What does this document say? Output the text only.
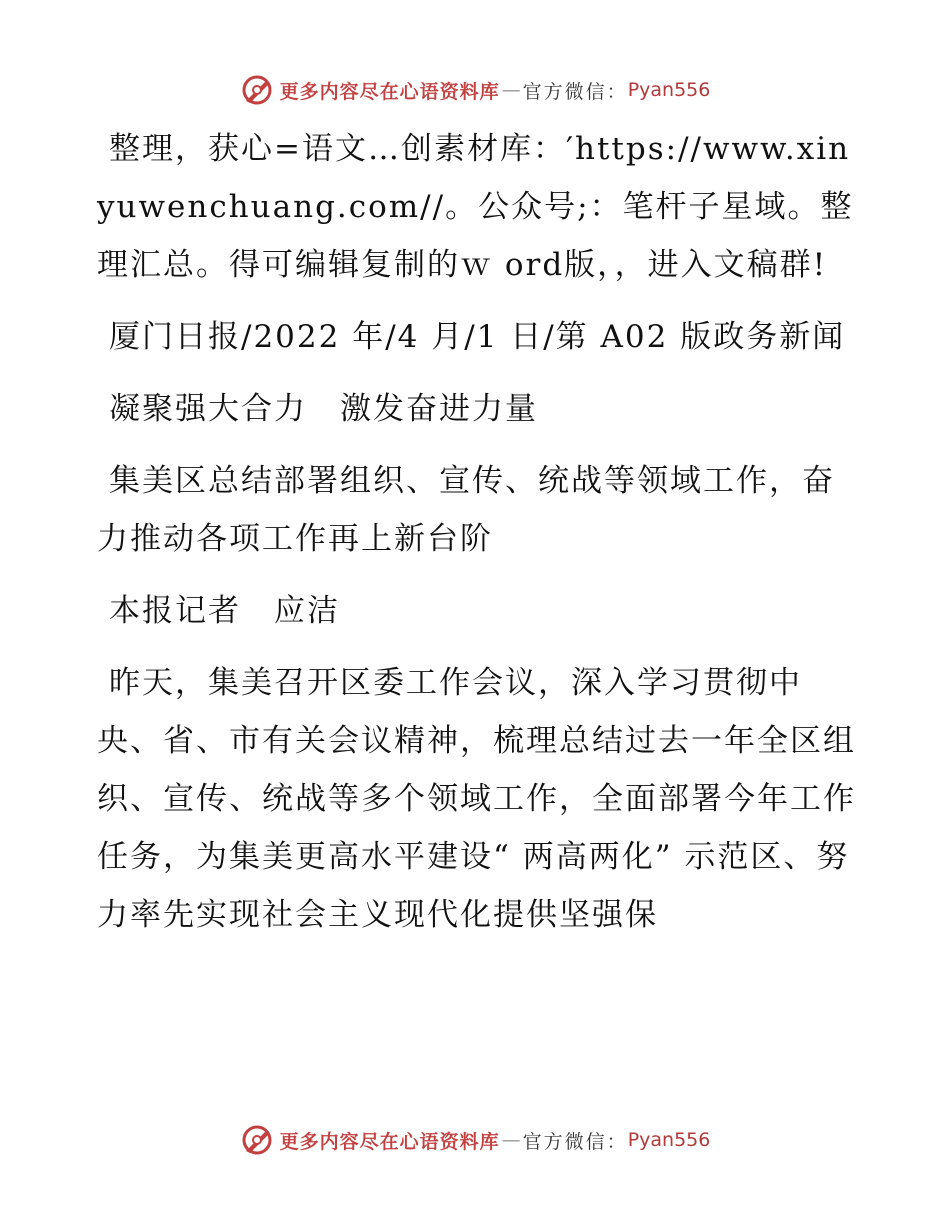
更多内容尽在心语资料库 — 官方微信： Pyan556

整理，获心=语文…创素材库：′https://www.xinyuwenchuang.com//。公众号;：笔杆子星域。整理汇总。得可编辑复制的ｗ ord版，，进入文稿群!

厦门日报/2022 年/4 月/1 日/第 A02 版政务新闻

凝聚强大合力　激发奋进力量

集美区总结部署组织、宣传、统战等领域工作，奋力推动各项工作再上新台阶

本报记者　应洁

昨天，集美召开区委工作会议，深入学习贯彻中央、省、市有关会议精神，梳理总结过去一年全区组织、宣传、统战等多个领域工作，全面部署今年工作任务，为集美更高水平建设“ 两高两化” 示范区、努力率先实现社会主义现代化提供坚强保

更多内容尽在心语资料库 — 官方微信： Pyan556
